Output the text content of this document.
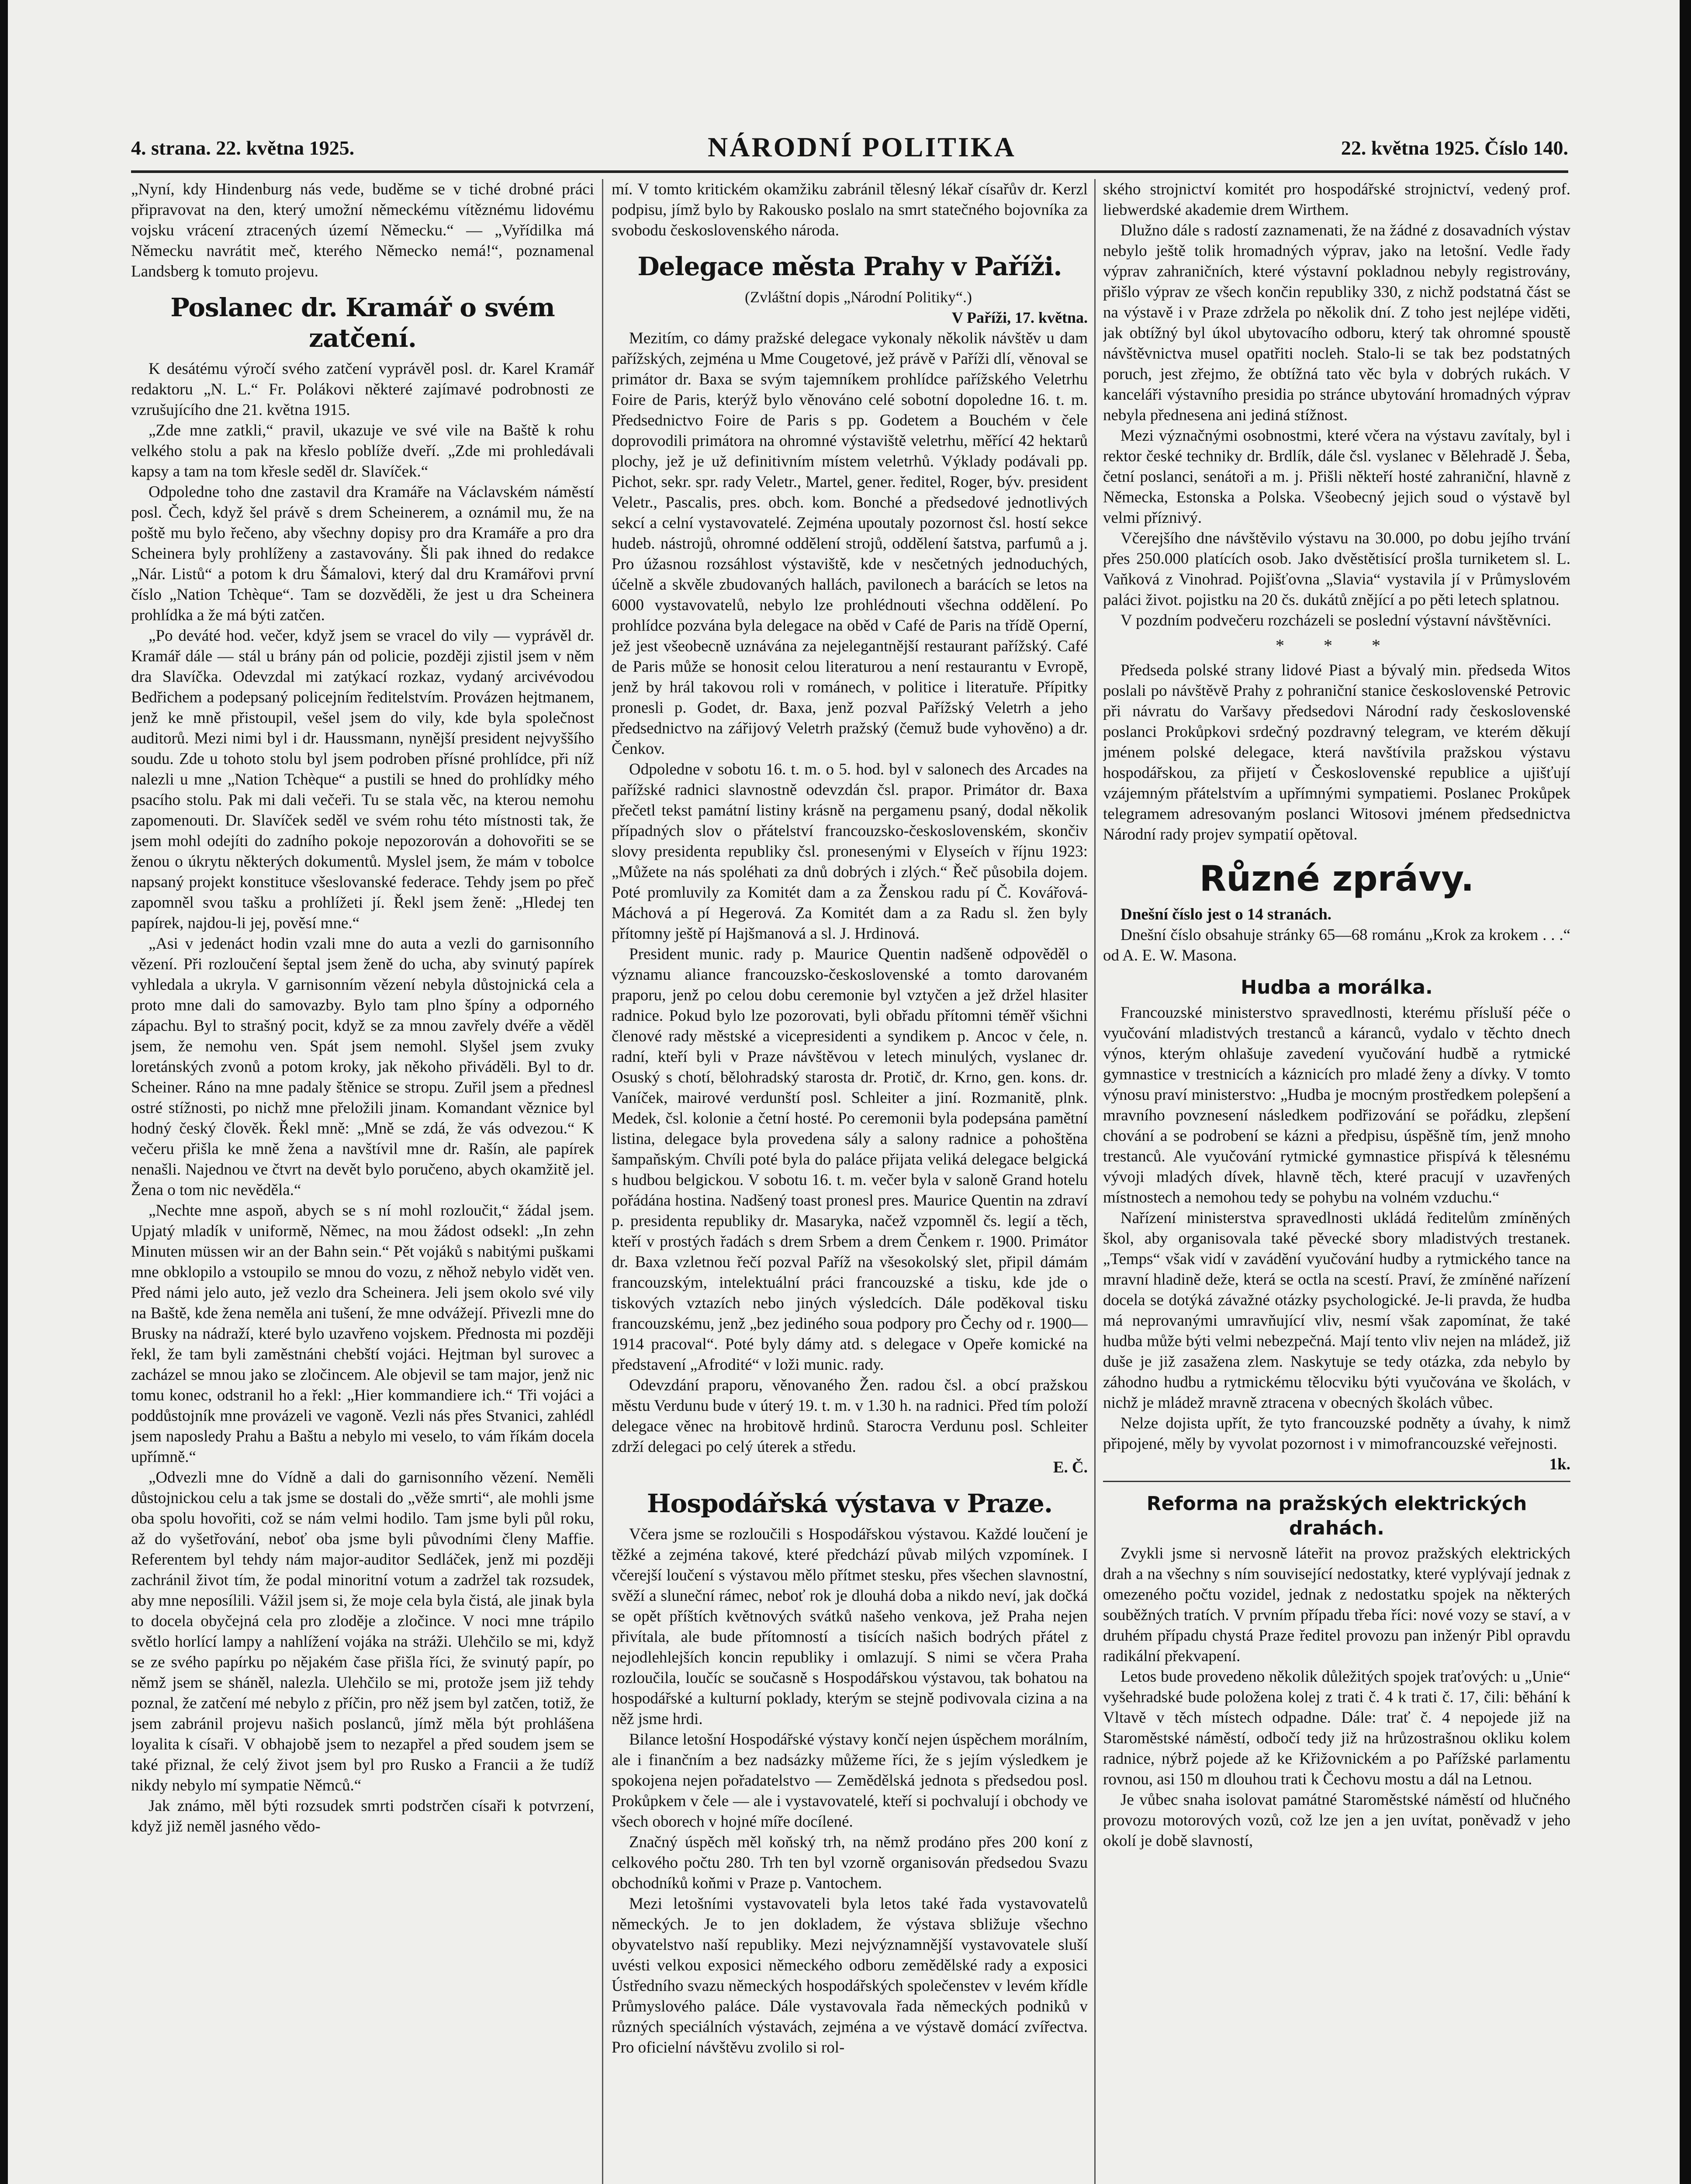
4. strana. 22. května 1925.	NÁRODNÍ POLITIKA	22. května 1925. Číslo 140.

„Nyní, kdy Hindenburg nás vede, buděme se v tiché drobné práci připravovat na den, který umožní německému vítěznému lidovému vojsku vrácení ztracených území Německu.“ — „Vyřídilka má Německu navrátit meč, kterého Německo nemá!“, poznamenal Landsberg k tomuto projevu.

Poslanec dr. Kramář o svém zatčení.

K desátému výročí svého zatčení vyprávěl posl. dr. Karel Kramář redaktoru „N. L.“ Fr. Polákovi některé zajímavé podrobnosti ze vzrušujícího dne 21. května 1915.

„Zde mne zatkli,“ pravil, ukazuje ve své vile na Baště k rohu velkého stolu a pak na křeslo poblíže dveří. „Zde mi prohledávali kapsy a tam na tom křesle seděl dr. Slavíček.“

Odpoledne toho dne zastavil dra Kramáře na Václavském náměstí posl. Čech, když šel právě s drem Scheinerem, a oznámil mu, že na poště mu bylo řečeno, aby všechny dopisy pro dra Kramáře a pro dra Scheinera byly prohlíženy a zastavovány. Šli pak ihned do redakce „Nár. Listů“ a potom k dru Šámalovi, který dal dru Kramářovi první číslo „Nation Tchèque“. Tam se dozvěděli, že jest u dra Scheinera prohlídka a že má býti zatčen.

„Po deváté hod. večer, když jsem se vracel do vily — vyprávěl dr. Kramář dále — stál u brány pán od policie, později zjistil jsem v něm dra Slavíčka. Odevzdal mi zatýkací rozkaz, vydaný arcivévodou Bedřichem a podepsaný policejním ředitelstvím. Provázen hejtmanem, jenž ke mně přistoupil, vešel jsem do vily, kde byla společnost auditorů. Mezi nimi byl i dr. Haussmann, nynější president nejvyššího soudu. Zde u tohoto stolu byl jsem podroben přísné prohlídce, při níž nalezli u mne „Nation Tchèque“ a pustili se hned do prohlídky mého psacího stolu. Pak mi dali večeři. Tu se stala věc, na kterou nemohu zapomenouti. Dr. Slavíček seděl ve svém rohu této místnosti tak, že jsem mohl odejíti do zadního pokoje nepozorován a dohovořiti se se ženou o úkrytu některých dokumentů. Myslel jsem, že mám v tobolce napsaný projekt konstituce všeslovanské federace. Tehdy jsem po přeč zapomněl svou tašku a prohlížeti jí. Řekl jsem ženě: „Hledej ten papírek, najdou-li jej, pověsí mne.“

„Asi v jedenáct hodin vzali mne do auta a vezli do garnisonního vězení. Při rozloučení šeptal jsem ženě do ucha, aby svinutý papírek vyhledala a ukryla. V garnisonním vězení nebyla důstojnická cela a proto mne dali do samovazby. Bylo tam plno špíny a odporného zápachu. Byl to strašný pocit, když se za mnou zavřely dvéře a věděl jsem, že nemohu ven. Spát jsem nemohl. Slyšel jsem zvuky loretánských zvonů a potom kroky, jak někoho přiváděli. Byl to dr. Scheiner. Ráno na mne padaly štěnice se stropu. Zuřil jsem a přednesl ostré stížnosti, po nichž mne přeložili jinam. Komandant věznice byl hodný český člověk. Řekl mně: „Mně se zdá, že vás odvezou.“ K večeru přišla ke mně žena a navštívil mne dr. Rašín, ale papírek nenašli. Najednou ve čtvrt na devět bylo poručeno, abych okamžitě jel. Žena o tom nic nevěděla.“

„Nechte mne aspoň, abych se s ní mohl rozloučit,“ žádal jsem. Upjatý mladík v uniformě, Němec, na mou žádost odsekl: „In zehn Minuten müssen wir an der Bahn sein.“ Pět vojáků s nabitými puškami mne obklopilo a vstoupilo se mnou do vozu, z něhož nebylo vidět ven. Před námi jelo auto, jež vezlo dra Scheinera. Jeli jsem okolo své vily na Baště, kde žena neměla ani tušení, že mne odvážejí. Přivezli mne do Brusky na nádraží, které bylo uzavřeno vojskem. Přednosta mi později řekl, že tam byli zaměstnáni chebští vojáci. Hejtman byl surovec a zacházel se mnou jako se zločincem. Ale objevil se tam major, jenž nic tomu konec, odstranil ho a řekl: „Hier kommandiere ich.“ Tři vojáci a poddůstojník mne provázeli ve vagoně. Vezli nás přes Stvanici, zahlédl jsem naposledy Prahu a Baštu a nebylo mi veselo, to vám říkám docela upřímně.“

„Odvezli mne do Vídně a dali do garnisonního vězení. Neměli důstojnickou celu a tak jsme se dostali do „věže smrti“, ale mohli jsme oba spolu hovořiti, což se nám velmi hodilo. Tam jsme byli půl roku, až do vyšetřování, neboť oba jsme byli původními členy Maffie. Referentem byl tehdy nám major-auditor Sedláček, jenž mi později zachránil život tím, že podal minoritní votum a zadržel tak rozsudek, aby mne neposílili. Vážil jsem si, že moje cela byla čistá, ale jinak byla to docela obyčejná cela pro zloděje a zločince. V noci mne trápilo světlo horlící lampy a nahlížení vojáka na stráži. Ulehčilo se mi, když se ze svého papírku po nějakém čase přišla říci, že svinutý papír, po němž jsem se sháněl, nalezla. Ulehčilo se mi, protože jsem již tehdy poznal, že zatčení mé nebylo z příčin, pro něž jsem byl zatčen, totiž, že jsem zabránil projevu našich poslanců, jímž měla být prohlášena loyalita k císaři. V obhajobě jsem to nezapřel a před soudem jsem se také přiznal, že celý život jsem byl pro Rusko a Francii a že tudíž nikdy nebylo mí sympatie Němců.“

Jak známo, měl býti rozsudek smrti podstrčen císaři k potvrzení, když již neměl jasného vědo-

mí. V tomto kritickém okamžiku zabránil tělesný lékař císařův dr. Kerzl podpisu, jímž bylo by Rakousko poslalo na smrt statečného bojovníka za svobodu československého národa.

Delegace města Prahy v Paříži.

(Zvláštní dopis „Národní Politiky“.)

V Paříži, 17. května.

Mezitím, co dámy pražské delegace vykonaly několik návštěv u dam pařížských, zejména u Mme Cougetové, jež právě v Paříži dlí, věnoval se primátor dr. Baxa se svým tajemníkem prohlídce pařížského Veletrhu Foire de Paris, kterýž bylo věnováno celé sobotní dopoledne 16. t. m. Předsednictvo Foire de Paris s pp. Godetem a Bouchém v čele doprovodili primátora na ohromné výstaviště veletrhu, měřící 42 hektarů plochy, jež je už definitivním místem veletrhů. Výklady podávali pp. Pichot, sekr. spr. rady Veletr., Martel, gener. ředitel, Roger, býv. president Veletr., Pascalis, pres. obch. kom. Bonché a předsedové jednotlivých sekcí a celní vystavovatelé. Zejména upoutaly pozornost čsl. hostí sekce hudeb. nástrojů, ohromné oddělení strojů, oddělení šatstva, parfumů a j. Pro úžasnou rozsáhlost výstaviště, kde v nesčetných jednoduchých, účelně a skvěle zbudovaných hallách, pavilonech a barácích se letos na 6000 vystavovatelů, nebylo lze prohlédnouti všechna oddělení. Po prohlídce pozvána byla delegace na oběd v Café de Paris na třídě Operní, jež jest všeobecně uznávána za nejelegantnější restaurant pařížský. Café de Paris může se honosit celou literaturou a není restaurantu v Evropě, jenž by hrál takovou roli v románech, v politice i literatuře. Přípitky pronesli p. Godet, dr. Baxa, jenž pozval Pařížský Veletrh a jeho předsednictvo na zářijový Veletrh pražský (čemuž bude vyhověno) a dr. Čenkov.

Odpoledne v sobotu 16. t. m. o 5. hod. byl v salonech des Arcades na pařížské radnici slavnostně odevzdán čsl. prapor. Primátor dr. Baxa přečetl tekst památní listiny krásně na pergamenu psaný, dodal několik případných slov o přátelství francouzsko-československém, skončiv slovy presidenta republiky čsl. pronesenými v Elyseích v říjnu 1923: „Můžete na nás spoléhati za dnů dobrých i zlých.“ Řeč působila dojem. Poté promluvily za Komitét dam a za Ženskou radu pí Č. Kovářová-Máchová a pí Hegerová. Za Komitét dam a za Radu sl. žen byly přítomny ještě pí Hajšmanová a sl. J. Hrdinová.

President munic. rady p. Maurice Quentin nadšeně odpověděl o významu aliance francouzsko-československé a tomto darovaném praporu, jenž po celou dobu ceremonie byl vztyčen a jež držel hlasiter radnice. Pokud bylo lze pozorovati, byli obřadu přítomni téměř všichni členové rady městské a vicepresidenti a syndikem p. Ancoc v čele, n. radní, kteří byli v Praze návštěvou v letech minulých, vyslanec dr. Osuský s chotí, bělohradský starosta dr. Protič, dr. Krno, gen. kons. dr. Vaníček, mairové verdunští posl. Schleiter a jiní. Rozmanitě, plnk. Medek, čsl. kolonie a četní hosté. Po ceremonii byla podepsána pamětní listina, delegace byla provedena sály a salony radnice a pohoštěna šampaňským. Chvíli poté byla do paláce přijata veliká delegace belgická s hudbou belgickou. V sobotu 16. t. m. večer byla v saloně Grand hotelu pořádána hostina. Nadšený toast pronesl pres. Maurice Quentin na zdraví p. presidenta republiky dr. Masaryka, načež vzpomněl čs. legií a těch, kteří v prostých řadách s drem Srbem a drem Čenkem r. 1900. Primátor dr. Baxa vzletnou řečí pozval Paříž na všesokolský slet, připil dámám francouzským, intelektuální práci francouzské a tisku, kde jde o tiskových vztazích nebo jiných výsledcích. Dále poděkoval tisku francouzskému, jenž „bez jediného soua podpory pro Čechy od r. 1900—1914 pracoval“. Poté byly dámy atd. s delegace v Opeře komické na představení „Afrodité“ v loži munic. rady.

Odevzdání praporu, věnovaného Žen. radou čsl. a obcí pražskou městu Verdunu bude v úterý 19. t. m. v 1.30 h. na radnici. Před tím položí delegace věnec na hrobitově hrdinů. Staroста Verdunu posl. Schleiter zdrží delegaci po celý úterek a středu.

E. Č.

Hospodářská výstava v Praze.

Včera jsme se rozloučili s Hospodářskou výstavou. Každé loučení je těžké a zejména takové, které předchází půvab milých vzpomínek. I včerejší loučení s výstavou mělo přítmet stesku, přes všechen slavnostní, svěží a sluneční rámec, neboť rok je dlouhá doba a nikdo neví, jak dočká se opět příštích květnových svátků našeho venkova, jež Praha nejen přivítala, ale bude přítomností a tisících našich bodrých přátel z nejodlehlejších koncin republiky i omlazují. S nimi se včera Praha rozloučila, loučíc se současně s Hospodářskou výstavou, tak bohatou na hospodářské a kulturní poklady, kterým se stejně podivovala cizina a na něž jsme hrdi.

Bilance letošní Hospodářské výstavy končí nejen úspěchem morálním, ale i finančním a bez nadsázky můžeme říci, že s jejím výsledkem je spokojena nejen pořadatelstvo — Zemědělská jednota s předsedou posl. Prokůpkem v čele — ale i vystavovatelé, kteří si pochvalují i obchody ve všech oborech v hojné míře docílené.

Značný úspěch měl koňský trh, na němž prodáno přes 200 koní z celkového počtu 280. Trh ten byl vzorně organisován předsedou Svazu obchodníků koňmi v Praze p. Vantochem.

Mezi letošními vystavovateli byla letos také řada vystavovatelů německých. Je to jen dokladem, že výstava sbližuje všechno obyvatelstvo naší republiky. Mezi nejvýznamnější vystavovatele sluší uvésti velkou exposici německého odboru zemědělské rady a exposici Ústředního svazu německých hospodářských společenstev v levém křídle Průmyslového paláce. Dále vystavovala řada německých podniků v různých speciálních výstavách, zejména a ve výstavě domácí zvířectva. Pro oficielní návštěvu zvolilo si rol-

ského strojnictví komitét pro hospodářské strojnictví, vedený prof. liebwerdské akademie drem Wirthem.

Dlužno dále s radostí zaznamenati, že na žádné z dosavadních výstav nebylo ještě tolik hromadných výprav, jako na letošní. Vedle řady výprav zahraničních, které výstavní pokladnou nebyly registrovány, přišlo výprav ze všech končin republiky 330, z nichž podstatná část se na výstavě i v Praze zdržela po několik dní. Z toho jest nejlépe viděti, jak obtížný byl úkol ubytovacího odboru, který tak ohromné spoustě návštěvnictva musel opatřiti nocleh. Stalo-li se tak bez podstatných poruch, jest zřejmo, že obtížná tato věc byla v dobrých rukách. V kanceláři výstavního presidia po stránce ubytování hromadných výprav nebyla přednesena ani jediná stížnost.

Mezi význačnými osobnostmi, které včera na výstavu zavítaly, byl i rektor české techniky dr. Brdlík, dále čsl. vyslanec v Bělehradě J. Šeba, četní poslanci, senátoři a m. j. Přišli někteří hosté zahraniční, hlavně z Německa, Estonska a Polska. Všeobecný jejich soud o výstavě byl velmi příznivý.

Včerejšího dne návštěvilo výstavu na 30.000, po dobu jejího trvání přes 250.000 platících osob. Jako dvěstětisící prošla turniketem sl. L. Vaňková z Vinohrad. Pojišťovna „Slavia“ vystavila jí v Průmyslovém paláci život. pojistku na 20 čs. dukátů znějící a po pěti letech splatnou.

V pozdním podvečeru rozcházeli se poslední výstavní návštěvníci.

* * *

Předseda polské strany lidové Piast a bývalý min. předseda Witos poslali po návštěvě Prahy z pohraniční stanice československé Petrovic při návratu do Varšavy předsedovi Národní rady československé poslanci Prokůpkovi srdečný pozdravný telegram, ve kterém děkují jménem polské delegace, která navštívila pražskou výstavu hospodářskou, za přijetí v Československé republice a ujišťují vzájemným přátelstvím a upřímnými sympatiemi. Poslanec Prokůpek telegramem adresovaným poslanci Witosovi jménem předsednictva Národní rady projev sympatií opětoval.

Různé zprávy.

Dnešní číslo jest o 14 stranách.

Dnešní číslo obsahuje stránky 65—68 románu „Krok za krokem . . .“ od A. E. W. Masona.

Hudba a morálka.

Francouzské ministerstvo spravedlnosti, kterému přísluší péče o vyučování mladistvých trestanců a káranců, vydalo v těchto dnech výnos, kterým ohlašuje zavedení vyučování hudbě a rytmické gymnastice v trestnicích a káznicích pro mladé ženy a dívky. V tomto výnosu praví ministerstvo: „Hudba je mocným prostředkem polepšení a mravního povznesení následkem podřizování se pořádku, zlepšení chování a se podrobení se kázni a předpisu, úspěšně tím, jenž mnoho trestanců. Ale vyučování rytmické gymnastice přispívá k tělesnému vývoji mladých dívek, hlavně těch, které pracují v uzavřených místnostech a nemohou tedy se pohybu na volném vzduchu.“

Nařízení ministerstva spravedlnosti ukládá ředitelům zmíněných škol, aby organisovala také pěvecké sbory mladistvých trestanek. „Temps“ však vidí v zavádění vyučování hudby a rytmického tance na mravní hladině deže, která se octla na scestí. Praví, že zmíněné nařízení docela se dotýká závažné otázky psychologické. Je-li pravda, že hudba má neprovanými umravňující vliv, nesmí však zapomínat, že také hudba může býti velmi nebezpečná. Mají tento vliv nejen na mládež, již duše je již zasažena zlem. Naskytuje se tedy otázka, zda nebylo by záhodno hudbu a rytmickému tělocviku býti vyučována ve školách, v nichž je mládež mravně ztracena v obecných školách vůbec.

Nelze dojista upřít, že tyto francouzské podněty a úvahy, k nimž připojené, měly by vyvolat pozornost i v mimofrancouzské veřejnosti.

1k.

Reforma na pražských elektrických drahách.

Zvykli jsme si nervosně láteřit na provoz pražských elektrických drah a na všechny s ním související nedostatky, které vyplývají jednak z omezeného počtu vozidel, jednak z nedostatku spojek na některých souběžných tratích. V prvním případu třeba říci: nové vozy se staví, a v druhém případu chystá Praze ředitel provozu pan inženýr Pibl opravdu radikální překvapení.

Letos bude provedeno několik důležitých spojek traťových: u „Unie“ vyšehradské bude položena kolej z trati č. 4 k trati č. 17, čili: běhání k Vltavě v těch místech odpadne. Dále: trať č. 4 nepojede již na Staroměstské náměstí, odbočí tedy již na hrůzostrašnou okliku kolem radnice, nýbrž pojede až ke Křižovnickém a po Pařížské parlamentu rovnou, asi 150 m dlouhou trati k Čechovu mostu a dál na Letnou.

Je vůbec snaha isolovat památné Staroměstské náměstí od hlučného provozu motorových vozů, což lze jen a jen uvítat, poněvadž v jeho okolí je době slavností,
